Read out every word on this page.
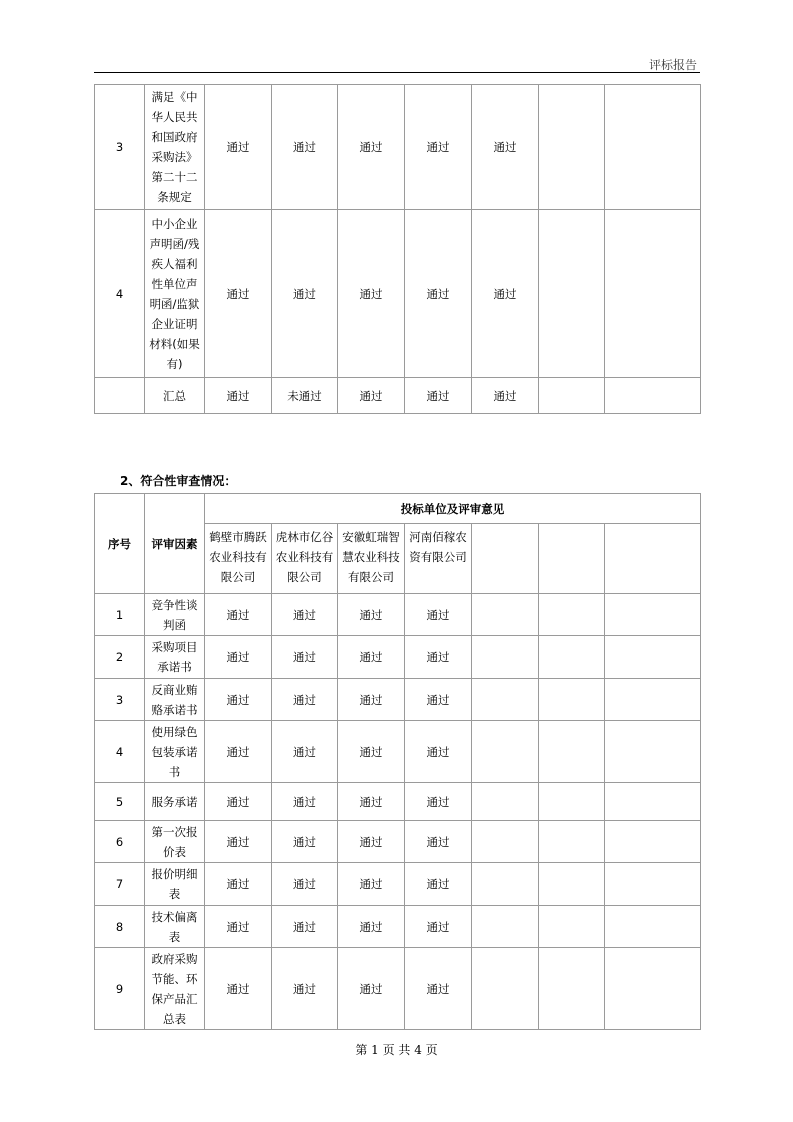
评标报告
3	满足《中华人民共和国政府采购法》第二十二条规定	通过	通过	通过	通过	通过		
4	中小企业声明函/残疾人福利性单位声明函/监狱企业证明材料(如果有)	通过	通过	通过	通过	通过		
	汇总	通过	未通过	通过	通过	通过		
2、符合性审查情况：
序号	评审因素	投标单位及评审意见						
		鹤壁市腾跃农业科技有限公司	虎林市亿谷农业科技有限公司	安徽虹瑞智慧农业科技有限公司	河南佰稼农资有限公司			
1	竞争性谈判函	通过	通过	通过	通过			
2	采购项目承诺书	通过	通过	通过	通过			
3	反商业贿赂承诺书	通过	通过	通过	通过			
4	使用绿色包装承诺书	通过	通过	通过	通过			
5	服务承诺	通过	通过	通过	通过			
6	第一次报价表	通过	通过	通过	通过			
7	报价明细表	通过	通过	通过	通过			
8	技术偏离表	通过	通过	通过	通过			
9	政府采购节能、环保产品汇总表	通过	通过	通过	通过			
第 1 页 共 4 页
